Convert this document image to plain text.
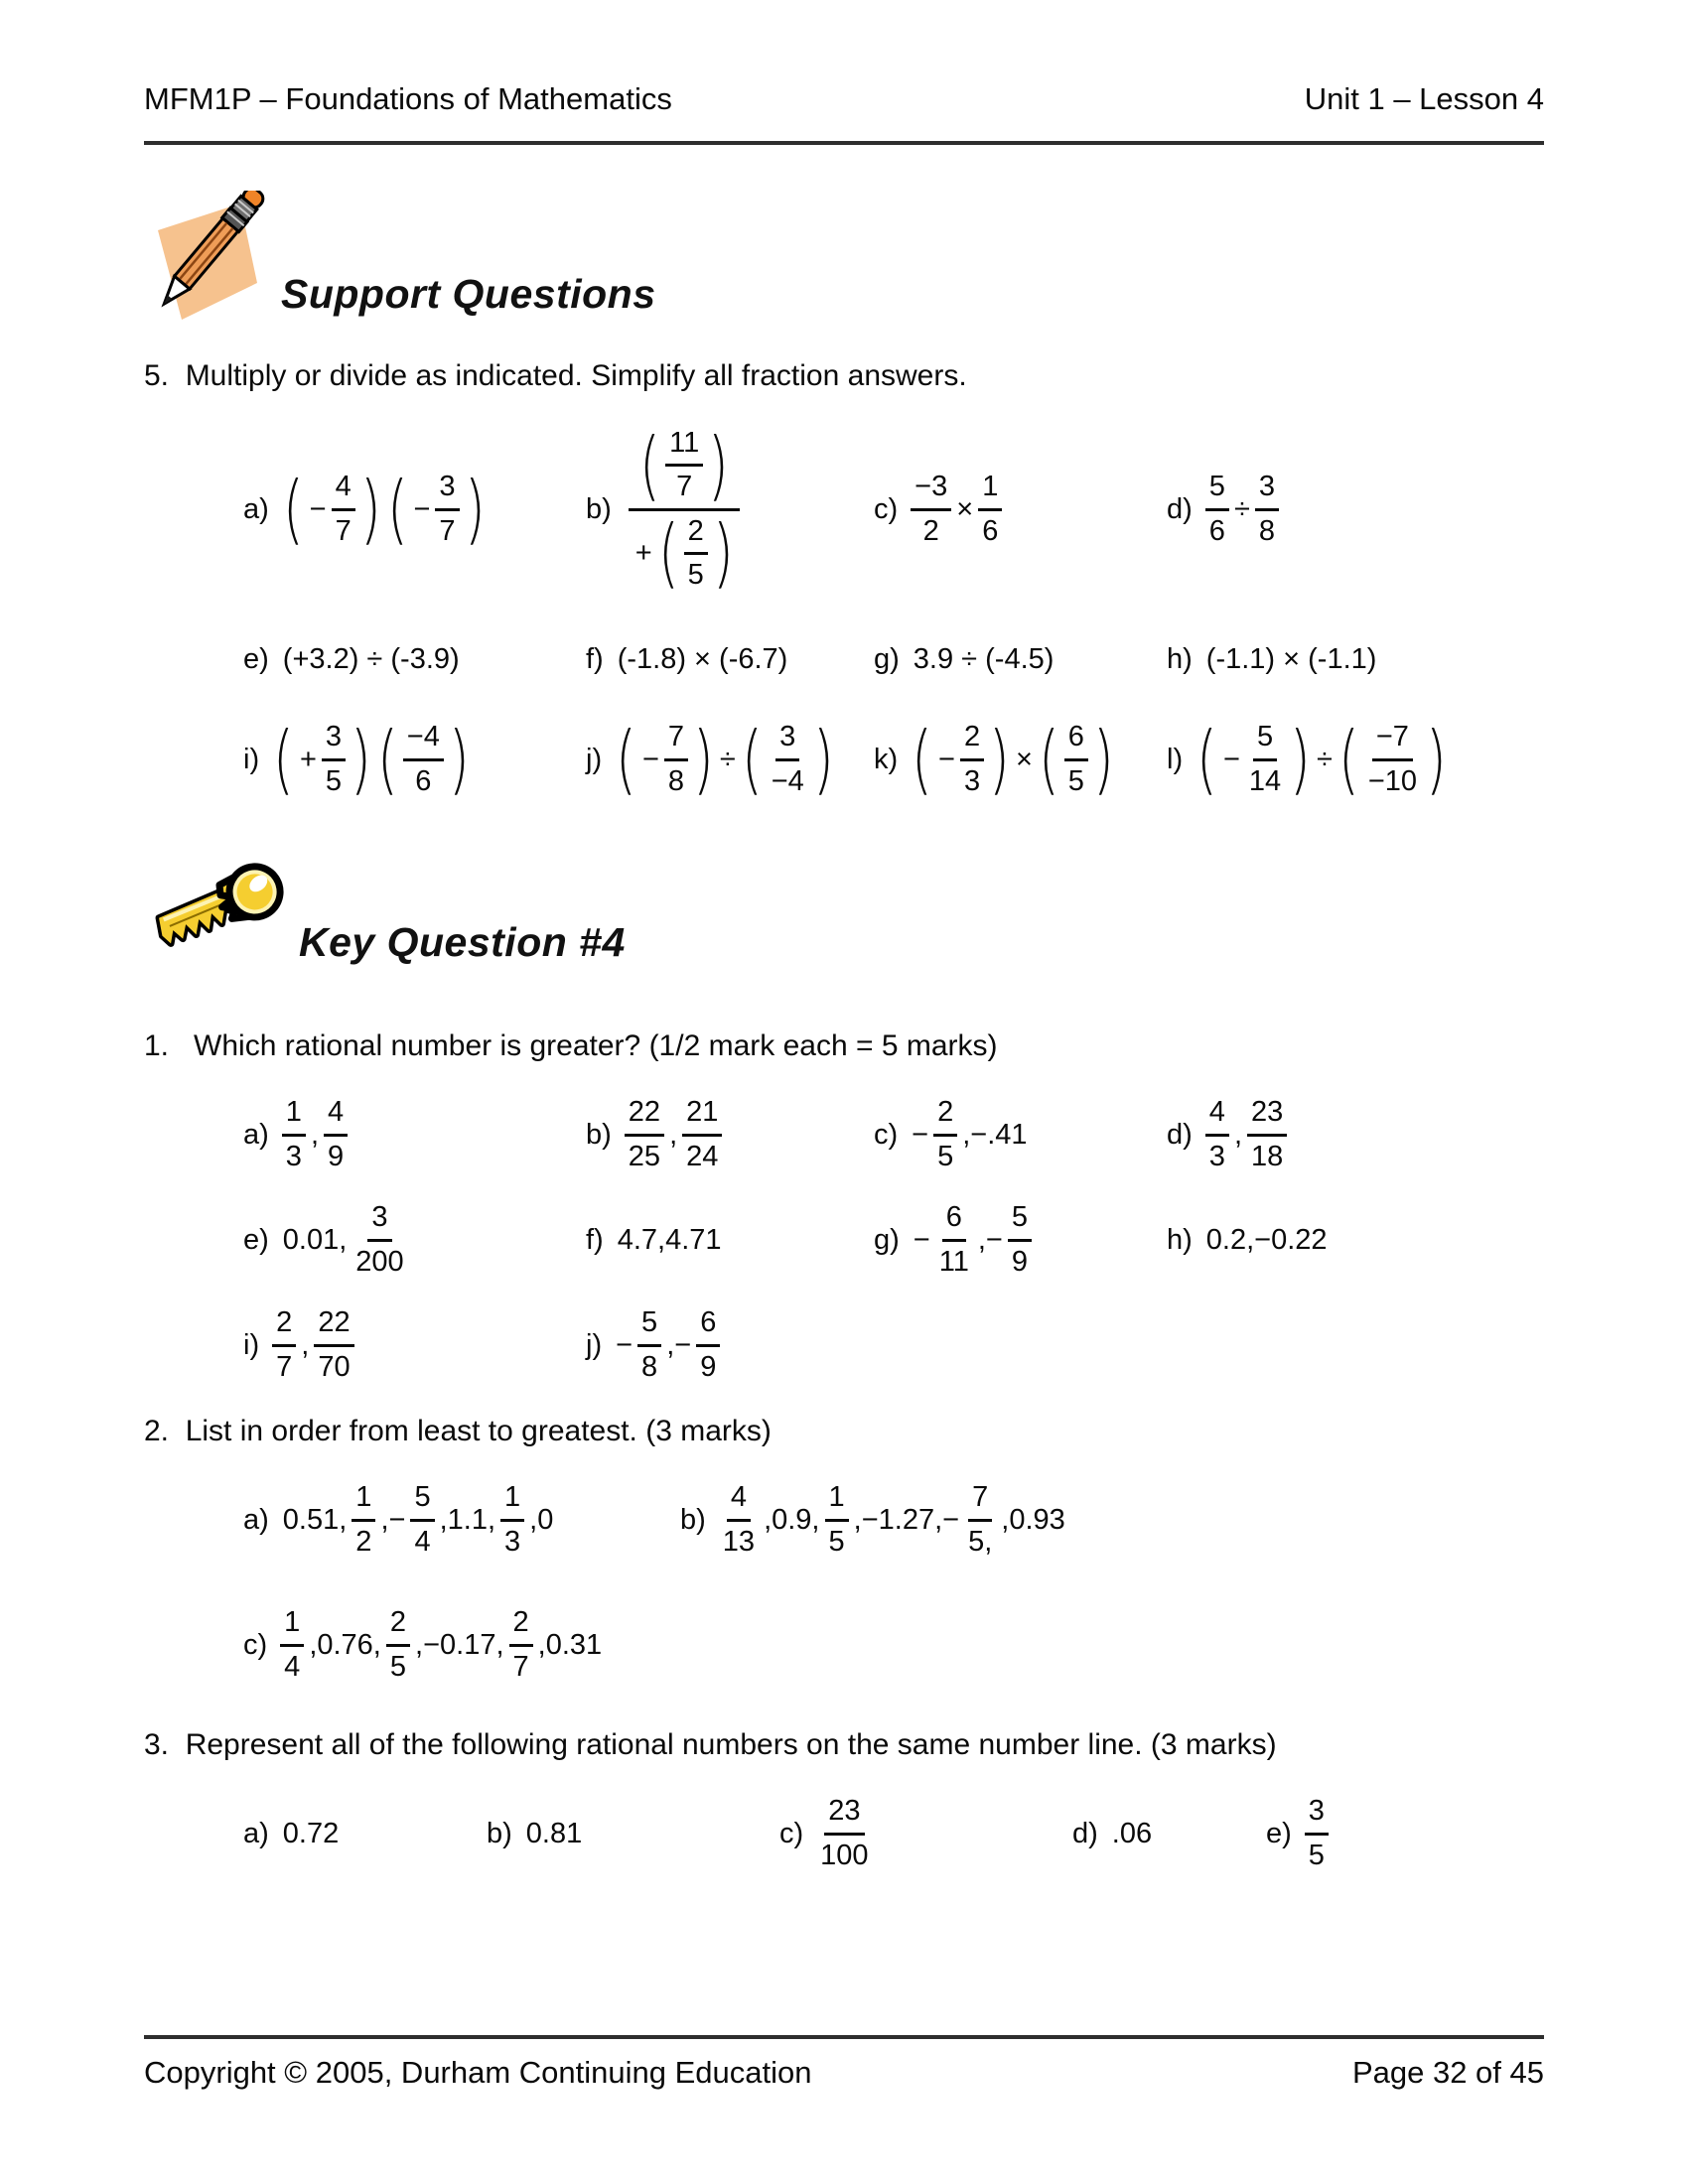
MFM1P – Foundations of Mathematics	Unit 1 – Lesson 4
Support Questions
5.  Multiply or divide as indicated. Simplify all fraction answers.
a) ( − $\frac{4}{7}$ ) ( − $\frac{3}{7}$ )	$b) \frac{( \frac{11}{7} )}{+ ( \frac{2}{5} )}$	$c) \frac{-3}{2} \times \frac{1}{6}$	$d) \frac{5}{6} \div \frac{3}{8}$
e) (+3.2) ÷ (-3.9)	f) (-1.8) × (-6.7)	g) 3.9 ÷ (-4.5)	h) (-1.1) × (-1.1)
i) ( + $\frac{3}{5}$ ) ( $\frac{-4}{6}$ )	j) ( − $\frac{7}{8}$ ) ÷ ( $\frac{3}{-4}$ ) k) ( − $\frac{2}{3}$ ) × ( $\frac{6}{5}$ ) l) ( − $\frac{5}{14}$ ) ÷ ( $\frac{-7}{-10}$ )
Key Question #4
1.   Which rational number is greater? (1/2 mark each = 5 marks)
$a) \frac{1}{3}$ , $\frac{4}{9}$	$b) \frac{22}{25}$ , $\frac{21}{24}$	$c) - \frac{2}{5} ,-.41$	$d) \frac{4}{3}$ , $\frac{23}{18}$
e) 0.01, $\frac{3}{200}$	f) 4.7,4.71	$g) - \frac{6}{11}$ ,− $\frac{5}{9}$	h) 0.2,−0.22
$i) \frac{2}{7}$ , $\frac{22}{70}$	$j) - \frac{5}{8}$ ,− $\frac{6}{9}$
2.  List in order from least to greatest. (3 marks)
a) 0.51, $\frac{1}{2}$ ,− $\frac{5}{4} ,1.1$, $\frac{1}{3} ,0$	$b) \frac{4}{13} ,0.9$, $\frac{1}{5} ,-1.27,- \frac{7}{5,} ,0.93$
$c) \frac{1}{4} ,0.76$, $\frac{2}{5} ,-0.17$, $\frac{2}{7} ,0.31$
3.  Represent all of the following rational numbers on the same number line. (3 marks)
a) 0.72	b) 0.81	$c) \frac{23}{100}$	d) .06	$e) \frac{3}{5}$
Copyright © 2005, Durham Continuing Education	Page 32 of 45
